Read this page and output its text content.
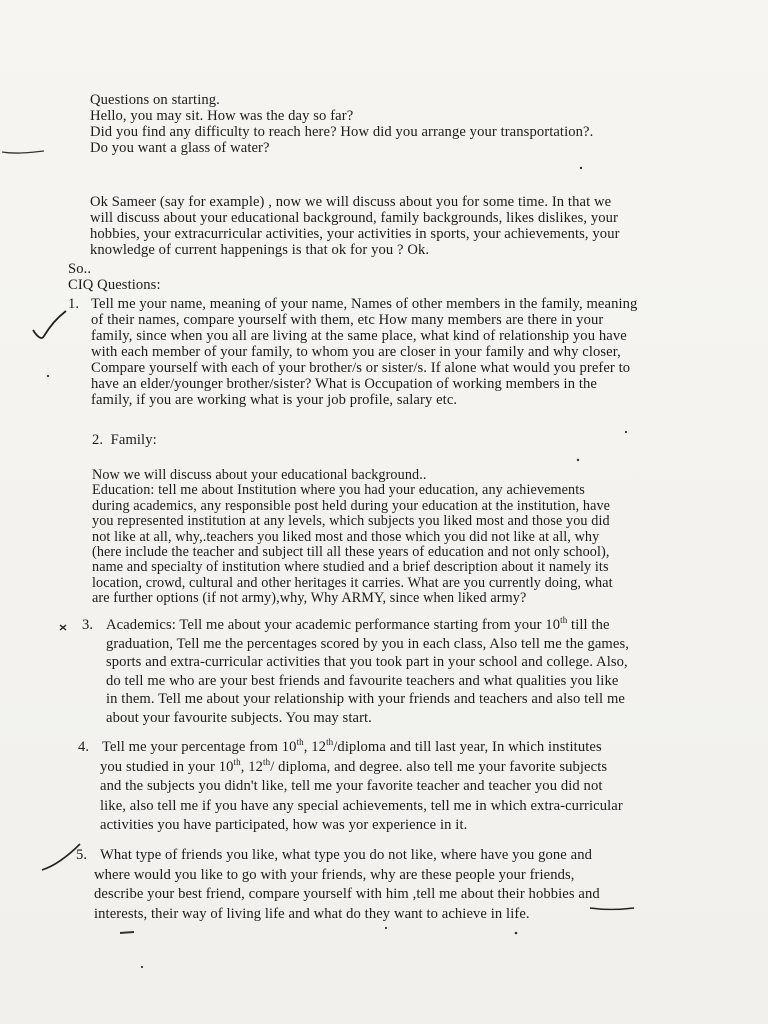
Questions on starting.
Hello, you may sit. How was the day so far?
Did you find any difficulty to reach here? How did you arrange your transportation?.
Do you want a glass of water?
Ok Sameer (say for example) , now we will discuss about you for some time. In that we
will discuss about your educational background, family backgrounds, likes dislikes, your
hobbies, your extracurricular activities, your activities in sports, your achievements, your
knowledge of current happenings is that ok for you ? Ok.
So..
CIQ Questions:
1. Tell me your name, meaning of your name, Names of other members in the family, meaning
of their names, compare yourself with them, etc How many members are there in your
family, since when you all are living at the same place, what kind of relationship you have
with each member of your family, to whom you are closer in your family and why closer,
Compare yourself with each of your brother/s or sister/s. If alone what would you prefer to
have an elder/younger brother/sister? What is Occupation of working members in the
family, if you are working what is your job profile, salary etc.
2. Family:
Now we will discuss about your educational background..
Education: tell me about Institution where you had your education, any achievements
during academics, any responsible post held during your education at the institution, have
you represented institution at any levels, which subjects you liked most and those you did
not like at all, why,.teachers you liked most and those which you did not like at all, why
(here include the teacher and subject till all these years of education and not only school),
name and specialty of institution where studied and a brief description about it namely its
location, crowd, cultural and other heritages it carries. What are you currently doing, what
are further options (if not army),why, Why ARMY, since when liked army?
3. Academics: Tell me about your academic performance starting from your 10th till the
graduation, Tell me the percentages scored by you in each class, Also tell me the games,
sports and extra-curricular activities that you took part in your school and college. Also,
do tell me who are your best friends and favourite teachers and what qualities you like
in them. Tell me about your relationship with your friends and teachers and also tell me
about your favourite subjects. You may start.
4. Tell me your percentage from 10th, 12th/diploma and till last year, In which institutes
you studied in your 10th, 12th/ diploma, and degree. also tell me your favorite subjects
and the subjects you didn't like, tell me your favorite teacher and teacher you did not
like, also tell me if you have any special achievements, tell me in which extra-curricular
activities you have participated, how was yor experience in it.
5. What type of friends you like, what type you do not like, where have you gone and
where would you like to go with your friends, why are these people your friends,
describe your best friend, compare yourself with him ,tell me about their hobbies and
interests, their way of living life and what do they want to achieve in life.
